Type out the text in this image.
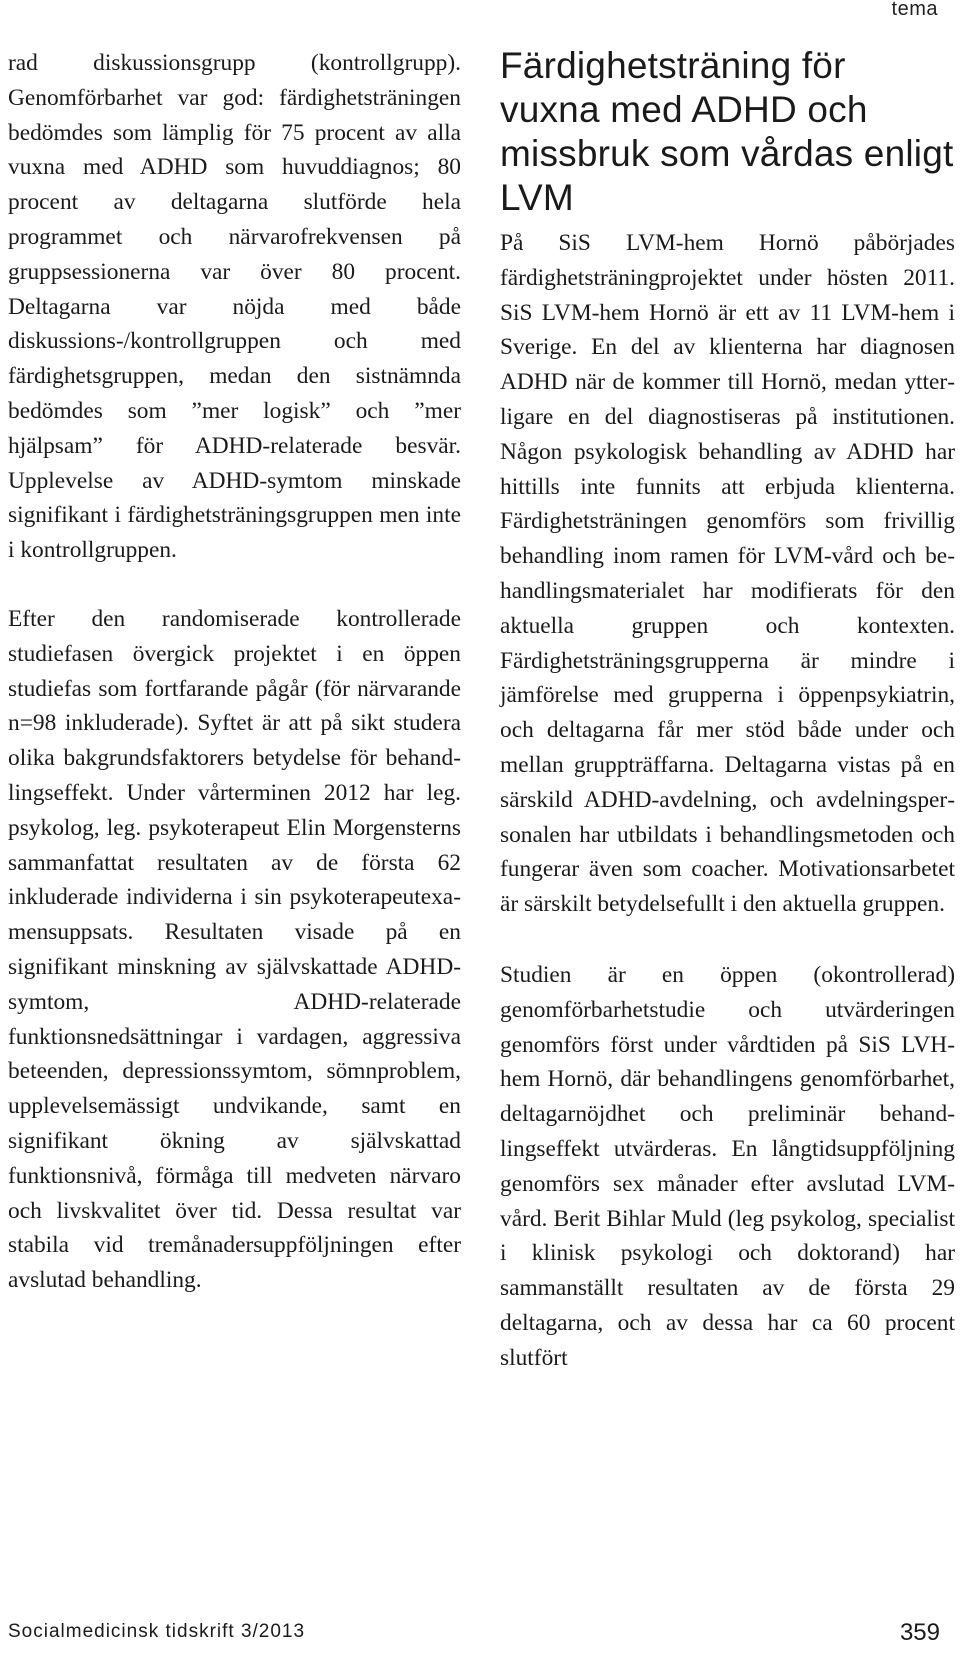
tema

rad diskussionsgrupp (kontrollgrupp). Genomförbarhet var god: färdighetsträningen bedömdes som lämplig för 75 procent av alla vuxna med ADHD som huvuddiagnos; 80 procent av deltagarna slutförde hela programmet och närvarofrekvensen på gruppsessionerna var över 80 procent. Deltagarna var nöjda med både diskussions-/kontrollgruppen och med färdighetsgruppen, medan den sistnämnda bedömdes som ”mer logisk” och ”mer hjälpsam” för ADHD-relaterade besvär. Upplevelse av ADHD-symtom minskade signifikant i färdighetsträningsgruppen men inte i kontrollgruppen.

Efter den randomiserade kontrollerade studiefasen övergick projektet i en öppen studiefas som fortfarande pågår (för närvarande n=98 inkluderade). Syftet är att på sikt studera olika bakgrundsfaktorers betydelse för behandlingseffekt. Under vårterminen 2012 har leg. psykolog, leg. psykoterapeut Elin Morgensterns sammanfattat resultaten av de första 62 inkluderade individerna i sin psykoterapeutexamensuppsats. Resultaten visade på en signifikant minskning av självskattade ADHD-symtom, ADHD-relaterade funktionsnedsättningar i vardagen, aggressiva beteenden, depressionssymtom, sömnproblem, upplevelsemässigt undvikande, samt en signifikant ökning av självskattad funktionsnivå, förmåga till medveten närvaro och livskvalitet över tid. Dessa resultat var stabila vid tremånadersuppföljningen efter avslutad behandling.

Färdighetsträning för vuxna med ADHD och missbruk som vårdas enligt LVM

På SiS LVM-hem Hornö påbörjades färdighetsträningprojektet under hösten 2011. SiS LVM-hem Hornö är ett av 11 LVM-hem i Sverige. En del av klienterna har diagnosen ADHD när de kommer till Hornö, medan ytterligare en del diagnostiseras på institutionen. Någon psykologisk behandling av ADHD har hittills inte funnits att erbjuda klienterna. Färdighetsträningen genomförs som frivillig behandling inom ramen för LVM-vård och behandlingsmaterialet har modifierats för den aktuella gruppen och kontexten. Färdighetsträningsgrupperna är mindre i jämförelse med grupperna i öppenpsykiatrin, och deltagarna får mer stöd både under och mellan gruppträffarna. Deltagarna vistas på en särskild ADHD-avdelning, och avdelningspersonalen har utbildats i behandlingsmetoden och fungerar även som coacher. Motivationsarbetet är särskilt betydelsefullt i den aktuella gruppen.

Studien är en öppen (okontrollerad) genomförbarhetstudie och utvärderingen genomförs först under vårdtiden på SiS LVH-hem Hornö, där behandlingens genomförbarhet, deltagarnöjdhet och preliminär behandlingseffekt utvärderas. En långtidsuppföljning genomförs sex månader efter avslutad LVM-vård. Berit Bihlar Muld (leg psykolog, specialist i klinisk psykologi och doktorand) har sammanställt resultaten av de första 29 deltagarna, och av dessa har ca 60 procent slutfört

Socialmedicinsk tidskrift 3/2013	359
